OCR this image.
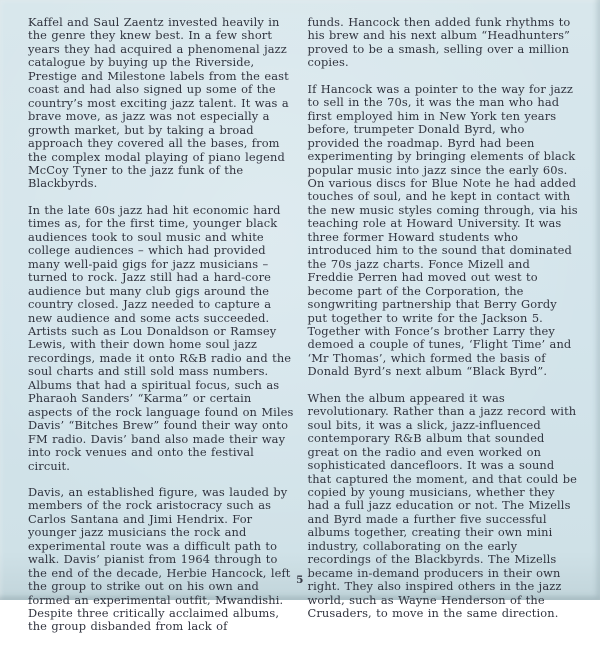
Kaffel and Saul Zaentz invested heavily in the genre they knew best. In a few short years they had acquired a phenomenal jazz catalogue by buying up the Riverside, Prestige and Milestone labels from the east coast and had also signed up some of the country’s most exciting jazz talent. It was a brave move, as jazz was not especially a growth market, but by taking a broad approach they covered all the bases, from the complex modal playing of piano legend McCoy Tyner to the jazz funk of the Blackbyrds.

In the late 60s jazz had hit economic hard times as, for the first time, younger black audiences took to soul music and white college audiences – which had provided many well-paid gigs for jazz musicians – turned to rock. Jazz still had a hard-core audience but many club gigs around the country closed. Jazz needed to capture a new audience and some acts succeeded. Artists such as Lou Donaldson or Ramsey Lewis, with their down home soul jazz recordings, made it onto R&B radio and the soul charts and still sold mass numbers. Albums that had a spiritual focus, such as Pharaoh Sanders’ “Karma” or certain aspects of the rock language found on Miles Davis’ “Bitches Brew” found their way onto FM radio. Davis’ band also made their way into rock venues and onto the festival circuit.

Davis, an established figure, was lauded by members of the rock aristocracy such as Carlos Santana and Jimi Hendrix. For younger jazz musicians the rock and experimental route was a difficult path to walk. Davis’ pianist from 1964 through to the end of the decade, Herbie Hancock, left the group to strike out on his own and formed an experimental outfit, Mwandishi. Despite three critically acclaimed albums, the group disbanded from lack of

funds. Hancock then added funk rhythms to his brew and his next album “Headhunters” proved to be a smash, selling over a million copies.

If Hancock was a pointer to the way for jazz to sell in the 70s, it was the man who had first employed him in New York ten years before, trumpeter Donald Byrd, who provided the roadmap. Byrd had been experimenting by bringing elements of black popular music into jazz since the early 60s. On various discs for Blue Note he had added touches of soul, and he kept in contact with the new music styles coming through, via his teaching role at Howard University. It was three former Howard students who introduced him to the sound that dominated the 70s jazz charts. Fonce Mizell and Freddie Perren had moved out west to become part of the Corporation, the songwriting partnership that Berry Gordy put together to write for the Jackson 5. Together with Fonce’s brother Larry they demoed a couple of tunes, ‘Flight Time’ and ‘Mr Thomas’, which formed the basis of Donald Byrd’s next album “Black Byrd”.

When the album appeared it was revolutionary. Rather than a jazz record with soul bits, it was a slick, jazz-influenced contemporary R&B album that sounded great on the radio and even worked on sophisticated dancefloors. It was a sound that captured the moment, and that could be copied by young musicians, whether they had a full jazz education or not. The Mizells and Byrd made a further five successful albums together, creating their own mini industry, collaborating on the early recordings of the Blackbyrds. The Mizells became in-demand producers in their own right. They also inspired others in the jazz world, such as Wayne Henderson of the Crusaders, to move in the same direction.

5
